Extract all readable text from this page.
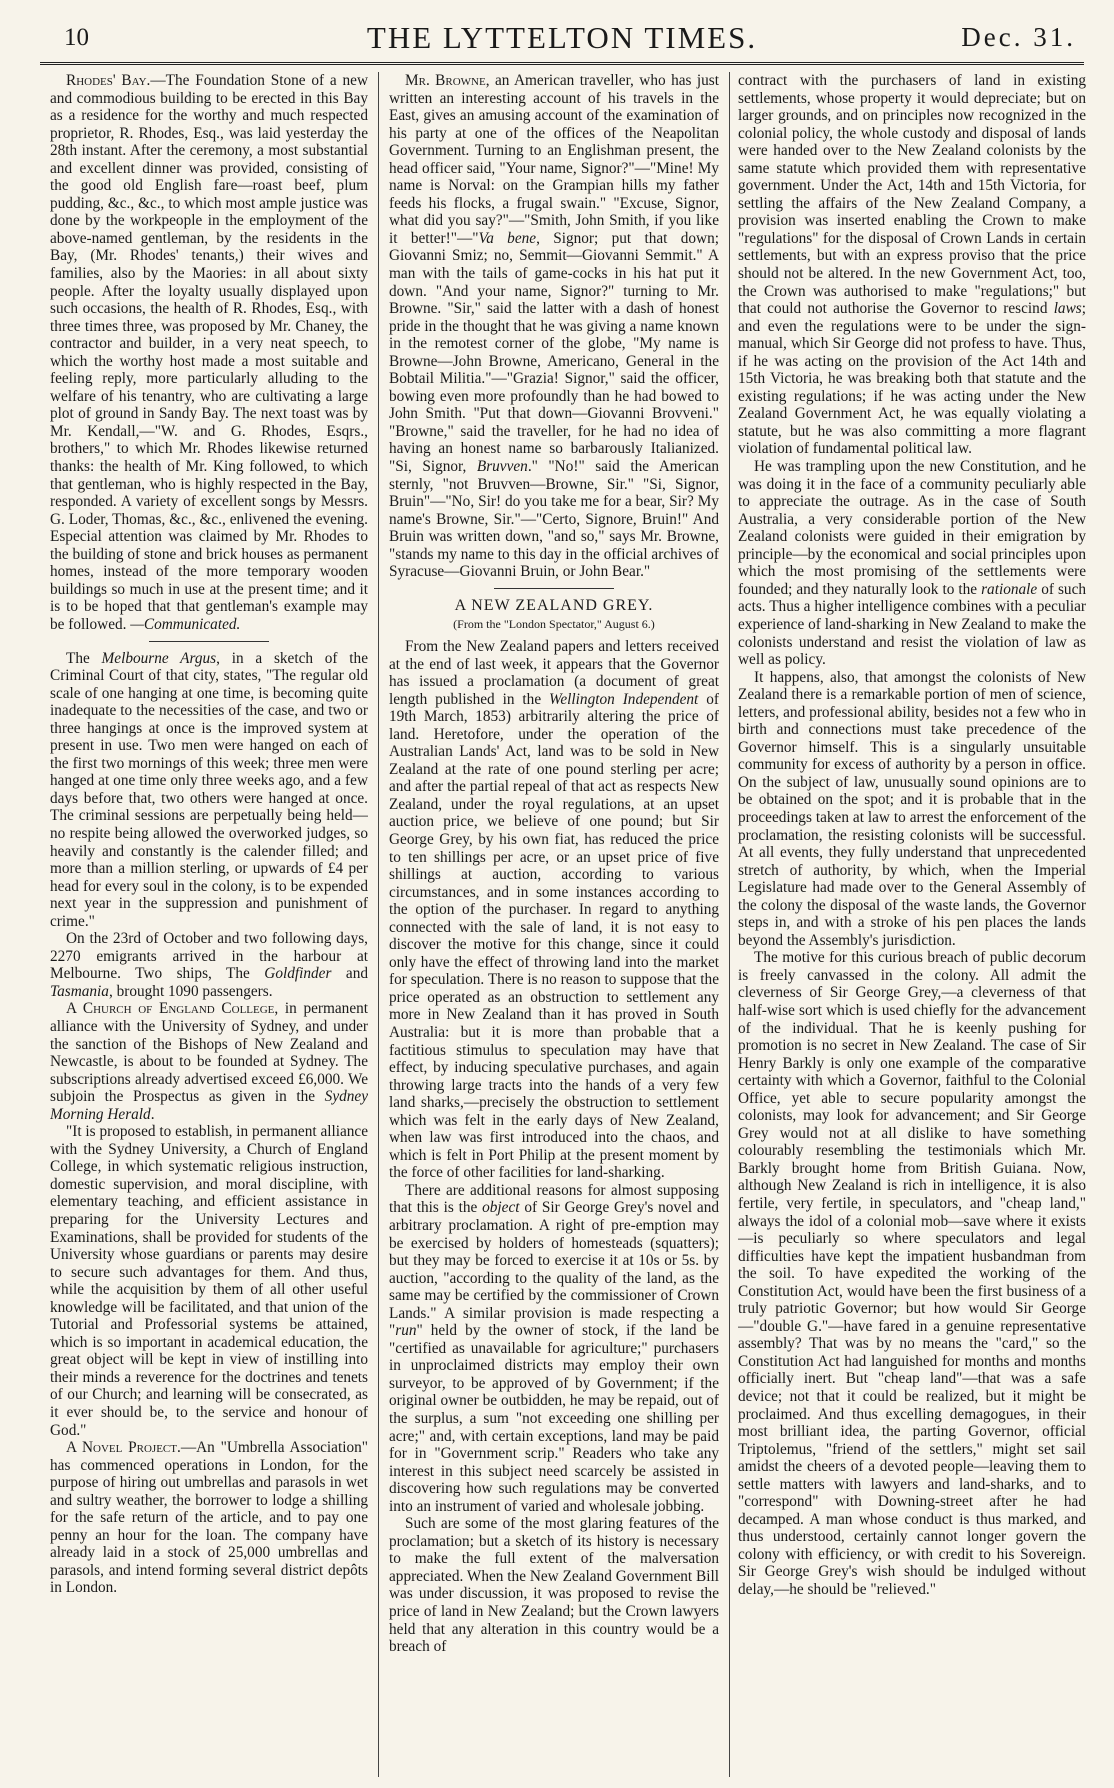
10	THE LYTTELTON TIMES.	Dec. 31.

Rhodes' Bay.—The Foundation Stone of a new and commodious building to be erected in this Bay as a residence for the worthy and much respected proprietor, R. Rhodes, Esq., was laid yesterday the 28th instant. After the ceremony, a most substantial and excellent dinner was provided, consisting of the good old English fare—roast beef, plum pudding, &c., &c., to which most ample justice was done by the workpeople in the employment of the above-named gentleman, by the residents in the Bay, (Mr. Rhodes' tenants,) their wives and families, also by the Maories: in all about sixty people. After the loyalty usually displayed upon such occasions, the health of R. Rhodes, Esq., with three times three, was proposed by Mr. Chaney, the contractor and builder, in a very neat speech, to which the worthy host made a most suitable and feeling reply, more particularly alluding to the welfare of his tenantry, who are cultivating a large plot of ground in Sandy Bay. The next toast was by Mr. Kendall,—"W. and G. Rhodes, Esqrs., brothers," to which Mr. Rhodes likewise returned thanks: the health of Mr. King followed, to which that gentleman, who is highly respected in the Bay, responded. A variety of excellent songs by Messrs. G. Loder, Thomas, &c., &c., enlivened the evening. Especial attention was claimed by Mr. Rhodes to the building of stone and brick houses as permanent homes, instead of the more temporary wooden buildings so much in use at the present time; and it is to be hoped that that gentleman's example may be followed. —Communicated.

The Melbourne Argus, in a sketch of the Criminal Court of that city, states, "The regular old scale of one hanging at one time, is becoming quite inadequate to the necessities of the case, and two or three hangings at once is the improved system at present in use. Two men were hanged on each of the first two mornings of this week; three men were hanged at one time only three weeks ago, and a few days before that, two others were hanged at once. The criminal sessions are perpetually being held—no respite being allowed the overworked judges, so heavily and constantly is the calender filled; and more than a million sterling, or upwards of £4 per head for every soul in the colony, is to be expended next year in the suppression and punishment of crime."

On the 23rd of October and two following days, 2270 emigrants arrived in the harbour at Melbourne. Two ships, The Goldfinder and Tasmania, brought 1090 passengers.

A Church of England College, in permanent alliance with the University of Sydney, and under the sanction of the Bishops of New Zealand and Newcastle, is about to be founded at Sydney. The subscriptions already advertised exceed £6,000. We subjoin the Prospectus as given in the Sydney Morning Herald.

"It is proposed to establish, in permanent alliance with the Sydney University, a Church of England College, in which systematic religious instruction, domestic supervision, and moral discipline, with elementary teaching, and efficient assistance in preparing for the University Lectures and Examinations, shall be provided for students of the University whose guardians or parents may desire to secure such advantages for them. And thus, while the acquisition by them of all other useful knowledge will be facilitated, and that union of the Tutorial and Professorial systems be attained, which is so important in academical education, the great object will be kept in view of instilling into their minds a reverence for the doctrines and tenets of our Church; and learning will be consecrated, as it ever should be, to the service and honour of God."

A Novel Project.—An "Umbrella Association" has commenced operations in London, for the purpose of hiring out umbrellas and parasols in wet and sultry weather, the borrower to lodge a shilling for the safe return of the article, and to pay one penny an hour for the loan. The company have already laid in a stock of 25,000 umbrellas and parasols, and intend forming several district depôts in London.

Mr. Browne, an American traveller, who has just written an interesting account of his travels in the East, gives an amusing account of the examination of his party at one of the offices of the Neapolitan Government. Turning to an Englishman present, the head officer said, "Your name, Signor?"—"Mine! My name is Norval: on the Grampian hills my father feeds his flocks, a frugal swain." "Excuse, Signor, what did you say?"—"Smith, John Smith, if you like it better!"—"Va bene, Signor; put that down; Giovanni Smiz; no, Semmit—Giovanni Semmit." A man with the tails of game-cocks in his hat put it down. "And your name, Signor?" turning to Mr. Browne. "Sir," said the latter with a dash of honest pride in the thought that he was giving a name known in the remotest corner of the globe, "My name is Browne—John Browne, Americano, General in the Bobtail Militia."—"Grazia! Signor," said the officer, bowing even more profoundly than he had bowed to John Smith. "Put that down—Giovanni Brovveni." "Browne," said the traveller, for he had no idea of having an honest name so barbarously Italianized. "Si, Signor, Bruvven." "No!" said the American sternly, "not Bruvven—Browne, Sir." "Si, Signor, Bruin"—"No, Sir! do you take me for a bear, Sir? My name's Browne, Sir."—"Certo, Signore, Bruin!" And Bruin was written down, "and so," says Mr. Browne, "stands my name to this day in the official archives of Syracuse—Giovanni Bruin, or John Bear."

A NEW ZEALAND GREY.
(From the "London Spectator," August 6.)

From the New Zealand papers and letters received at the end of last week, it appears that the Governor has issued a proclamation (a document of great length published in the Wellington Independent of 19th March, 1853) arbitrarily altering the price of land. Heretofore, under the operation of the Australian Lands' Act, land was to be sold in New Zealand at the rate of one pound sterling per acre; and after the partial repeal of that act as respects New Zealand, under the royal regulations, at an upset auction price, we believe of one pound; but Sir George Grey, by his own fiat, has reduced the price to ten shillings per acre, or an upset price of five shillings at auction, according to various circumstances, and in some instances according to the option of the purchaser. In regard to anything connected with the sale of land, it is not easy to discover the motive for this change, since it could only have the effect of throwing land into the market for speculation. There is no reason to suppose that the price operated as an obstruction to settlement any more in New Zealand than it has proved in South Australia: but it is more than probable that a factitious stimulus to speculation may have that effect, by inducing speculative purchases, and again throwing large tracts into the hands of a very few land sharks,—precisely the obstruction to settlement which was felt in the early days of New Zealand, when law was first introduced into the chaos, and which is felt in Port Philip at the present moment by the force of other facilities for land-sharking.

There are additional reasons for almost supposing that this is the object of Sir George Grey's novel and arbitrary proclamation. A right of pre-emption may be exercised by holders of homesteads (squatters); but they may be forced to exercise it at 10s or 5s. by auction, "according to the quality of the land, as the same may be certified by the commissioner of Crown Lands." A similar provision is made respecting a "run" held by the owner of stock, if the land be "certified as unavailable for agriculture;" purchasers in unproclaimed districts may employ their own surveyor, to be approved of by Government; if the original owner be outbidden, he may be repaid, out of the surplus, a sum "not exceeding one shilling per acre;" and, with certain exceptions, land may be paid for in "Government scrip." Readers who take any interest in this subject need scarcely be assisted in discovering how such regulations may be converted into an instrument of varied and wholesale jobbing.

Such are some of the most glaring features of the proclamation; but a sketch of its history is necessary to make the full extent of the malversation appreciated. When the New Zealand Government Bill was under discussion, it was proposed to revise the price of land in New Zealand; but the Crown lawyers held that any alteration in this country would be a breach of

contract with the purchasers of land in existing settlements, whose property it would depreciate; but on larger grounds, and on principles now recognized in the colonial policy, the whole custody and disposal of lands were handed over to the New Zealand colonists by the same statute which provided them with representative government. Under the Act, 14th and 15th Victoria, for settling the affairs of the New Zealand Company, a provision was inserted enabling the Crown to make "regulations" for the disposal of Crown Lands in certain settlements, but with an express proviso that the price should not be altered. In the new Government Act, too, the Crown was authorised to make "regulations;" but that could not authorise the Governor to rescind laws; and even the regulations were to be under the sign-manual, which Sir George did not profess to have. Thus, if he was acting on the provision of the Act 14th and 15th Victoria, he was breaking both that statute and the existing regulations; if he was acting under the New Zealand Government Act, he was equally violating a statute, but he was also committing a more flagrant violation of fundamental political law.

He was trampling upon the new Constitution, and he was doing it in the face of a community peculiarly able to appreciate the outrage. As in the case of South Australia, a very considerable portion of the New Zealand colonists were guided in their emigration by principle—by the economical and social principles upon which the most promising of the settlements were founded; and they naturally look to the rationale of such acts. Thus a higher intelligence combines with a peculiar experience of land-sharking in New Zealand to make the colonists understand and resist the violation of law as well as policy.

It happens, also, that amongst the colonists of New Zealand there is a remarkable portion of men of science, letters, and professional ability, besides not a few who in birth and connections must take precedence of the Governor himself. This is a singularly unsuitable community for excess of authority by a person in office. On the subject of law, unusually sound opinions are to be obtained on the spot; and it is probable that in the proceedings taken at law to arrest the enforcement of the proclamation, the resisting colonists will be successful. At all events, they fully understand that unprecedented stretch of authority, by which, when the Imperial Legislature had made over to the General Assembly of the colony the disposal of the waste lands, the Governor steps in, and with a stroke of his pen places the lands beyond the Assembly's jurisdiction.

The motive for this curious breach of public decorum is freely canvassed in the colony. All admit the cleverness of Sir George Grey,—a cleverness of that half-wise sort which is used chiefly for the advancement of the individual. That he is keenly pushing for promotion is no secret in New Zealand. The case of Sir Henry Barkly is only one example of the comparative certainty with which a Governor, faithful to the Colonial Office, yet able to secure popularity amongst the colonists, may look for advancement; and Sir George Grey would not at all dislike to have something colourably resembling the testimonials which Mr. Barkly brought home from British Guiana. Now, although New Zealand is rich in intelligence, it is also fertile, very fertile, in speculators, and "cheap land," always the idol of a colonial mob—save where it exists—is peculiarly so where speculators and legal difficulties have kept the impatient husbandman from the soil. To have expedited the working of the Constitution Act, would have been the first business of a truly patriotic Governor; but how would Sir George—"double G."—have fared in a genuine representative assembly? That was by no means the "card," so the Constitution Act had languished for months and months officially inert. But "cheap land"—that was a safe device; not that it could be realized, but it might be proclaimed. And thus excelling demagogues, in their most brilliant idea, the parting Governor, official Triptolemus, "friend of the settlers," might set sail amidst the cheers of a devoted people—leaving them to settle matters with lawyers and land-sharks, and to "correspond" with Downing-street after he had decamped. A man whose conduct is thus marked, and thus understood, certainly cannot longer govern the colony with efficiency, or with credit to his Sovereign. Sir George Grey's wish should be indulged without delay,—he should be "relieved."
